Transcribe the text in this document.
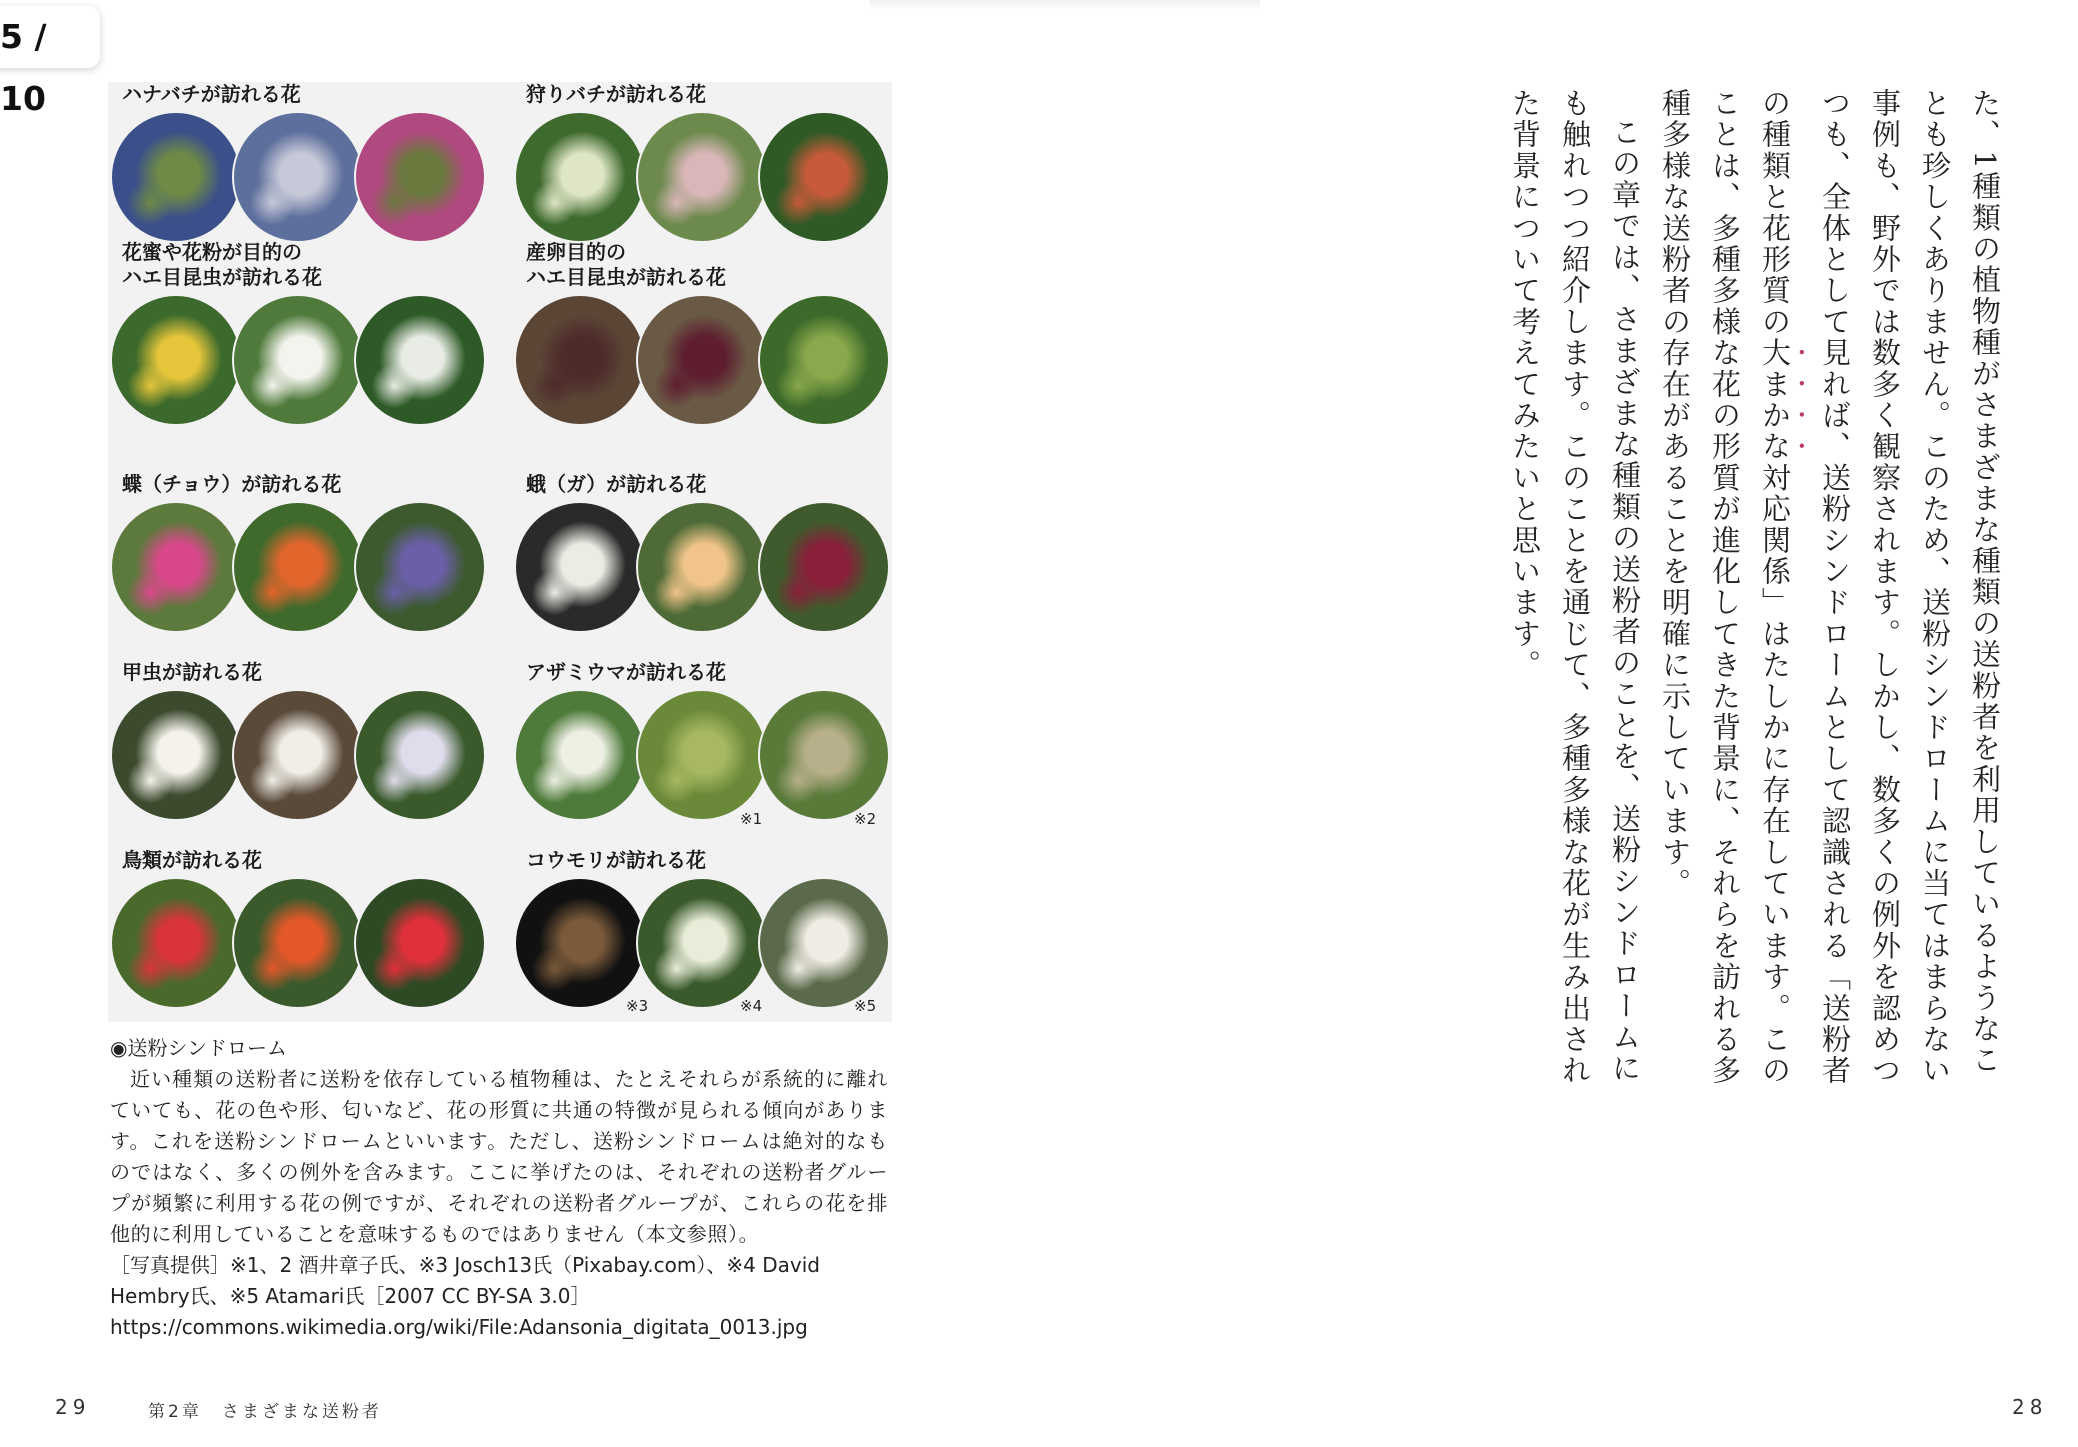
5 / 10	ハナバチが訪れる花	狩りバチが訪れる花
花蜜や花粉が目的の
ハエ目昆虫が訪れる花
産卵目的の
ハエ目昆虫が訪れる花
蝶（チョウ）が訪れる花	蛾（ガ）が訪れる花
甲虫が訪れる花	アザミウマが訪れる花
鳥類が訪れる花	コウモリが訪れる花
※1	※2
※3	※4	※5
◉送粉シンドローム
近い種類の送粉者に送粉を依存している植物種は、たとえそれらが系統的に離れていても、花の色や形、匂いなど、花の形質に共通の特徴が見られる傾向があります。これを送粉シンドロームといいます。ただし、送粉シンドロームは絶対的なものではなく、多くの例外を含みます。ここに挙げたのは、それぞれの送粉者グループが頻繁に利用する花の例ですが、それぞれの送粉者グループが、これらの花を排他的に利用していることを意味するものではありません（本文参照）。
［写真提供］※1、2 酒井章子氏、※3 Josch13氏（Pixabay.com）、※4 David Hembry氏、※5 Atamari氏［2007 CC BY-SA 3.0］
https://commons.wikimedia.org/wiki/File:Adansonia_digitata_0013.jpg

た、1種類の植物種がさまざまな種類の送粉者を利用しているようなことも珍しくありません。このため、送粉シンドロームに当てはまらない事例も、野外では数多く観察されます。しかし、数多くの例外を認めつつも、全体として見れば、送粉シンドロームとして認識される「送粉者の種類と花形質の大まかな対応関係」はたしかに存在しています。このことは、多種多様な花の形質が進化してきた背景に、それらを訪れる多種多様な送粉者の存在があることを明確に示しています。

この章では、さまざまな種類の送粉者のことを、送粉シンドロームにも触れつつ紹介します。このことを通じて、多種多様な花が生み出された背景について考えてみたいと思います。

29	第2章　さまざまな送粉者	28
